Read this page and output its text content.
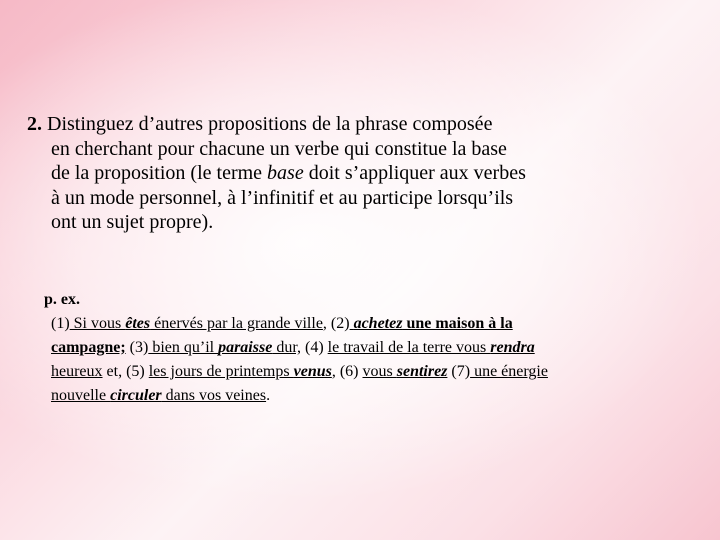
2. Distinguez d’autres propositions de la phrase composée
en cherchant pour chacune un verbe qui constitue la base
de la proposition (le terme base doit s’appliquer aux verbes
à un mode personnel, à l’infinitif et au participe lorsqu’ils
ont un sujet propre).
p. ex.
(1) Si vous êtes énervés par la grande ville, (2) achetez une maison à la
campagne; (3) bien qu’il paraisse dur, (4) le travail de la terre vous rendra
heureux et, (5) les jours de printemps venus, (6) vous sentirez (7) une énergie
nouvelle circuler dans vos veines.
